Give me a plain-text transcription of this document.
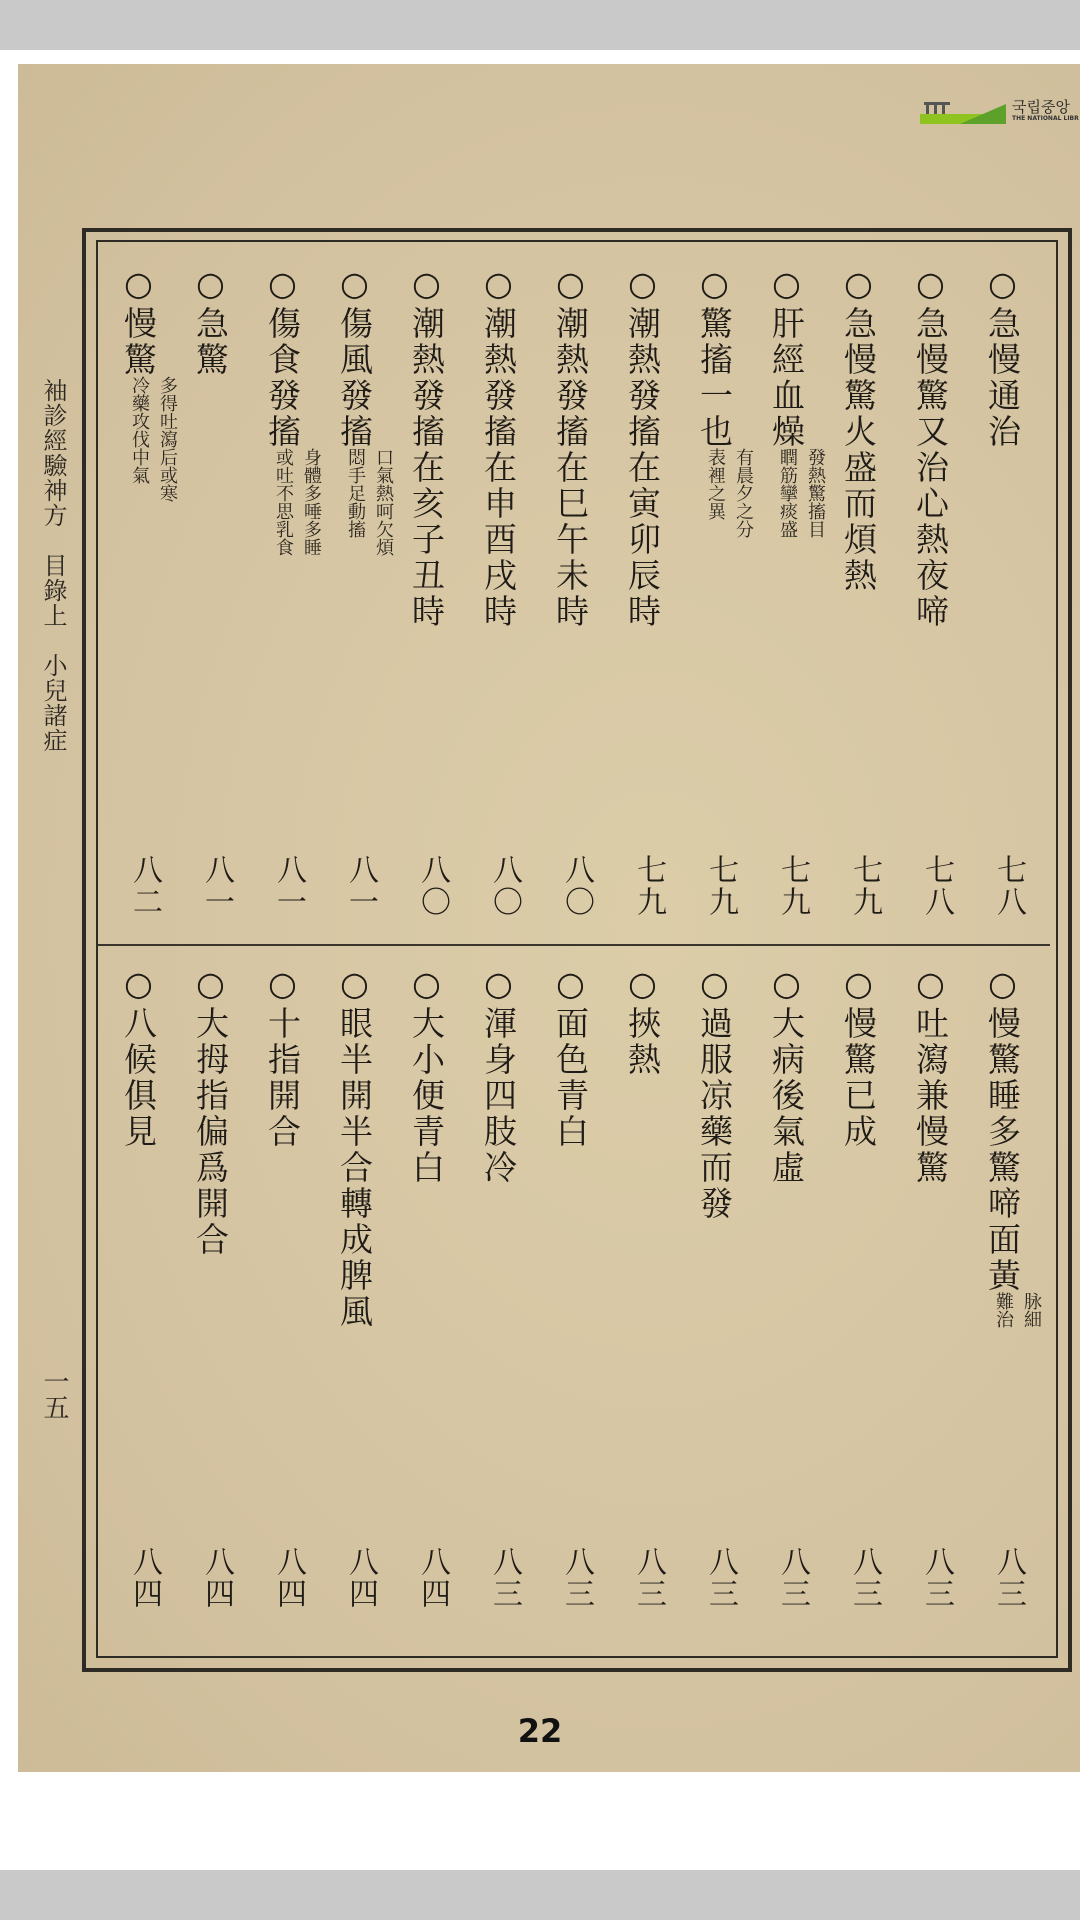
국립중앙
THE NATIONAL LIBR
袖診經驗神方　目錄上　小兒諸症
一五
○急慢通治
七八
○慢驚睡多驚啼面黃
脉細
難治
八三
○急慢驚又治心熱夜啼
七八
○吐瀉兼慢驚
八三
○急慢驚火盛而煩熱
七九
○慢驚已成
八三
○肝經血燥
發熱驚搐目
瞤筋攣痰盛
七九
○大病後氣虛
八三
○驚搐一也
有晨夕之分
表裡之異
七九
○過服凉藥而發
八三
○潮熱發搐在寅卯辰時
七九
○挾熱
八三
○潮熱發搐在巳午未時
八〇
○面色青白
八三
○潮熱發搐在申酉戌時
八〇
○渾身四肢冷
八三
○潮熱發搐在亥子丑時
八〇
○大小便青白
八四
○傷風發搐
口氣熱呵欠煩
悶手足動搐
八一
○眼半開半合轉成脾風
八四
○傷食發搐
身體多唾多睡
或吐不思乳食
八一
○十指開合
八四
○急驚
八一
○大拇指偏爲開合
八四
○慢驚
多得吐瀉后或寒
冷藥攻伐中氣
八二
○八候俱見
八四
22
